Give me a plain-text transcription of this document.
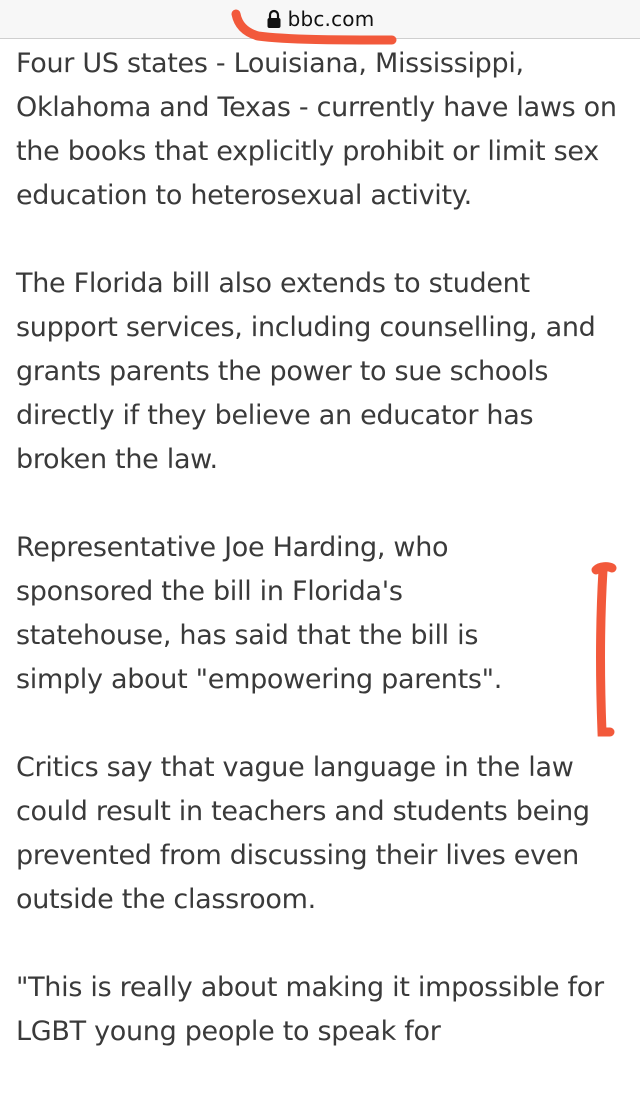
bbc.com

Four US states - Louisiana, Mississippi, Oklahoma and Texas - currently have laws on the books that explicitly prohibit or limit sex education to heterosexual activity.

The Florida bill also extends to student support services, including counselling, and grants parents the power to sue schools directly if they believe an educator has broken the law.

Representative Joe Harding, who sponsored the bill in Florida's statehouse, has said that the bill is simply about "empowering parents".

Critics say that vague language in the law could result in teachers and students being prevented from discussing their lives even outside the classroom.

"This is really about making it impossible for LGBT young people to speak for
